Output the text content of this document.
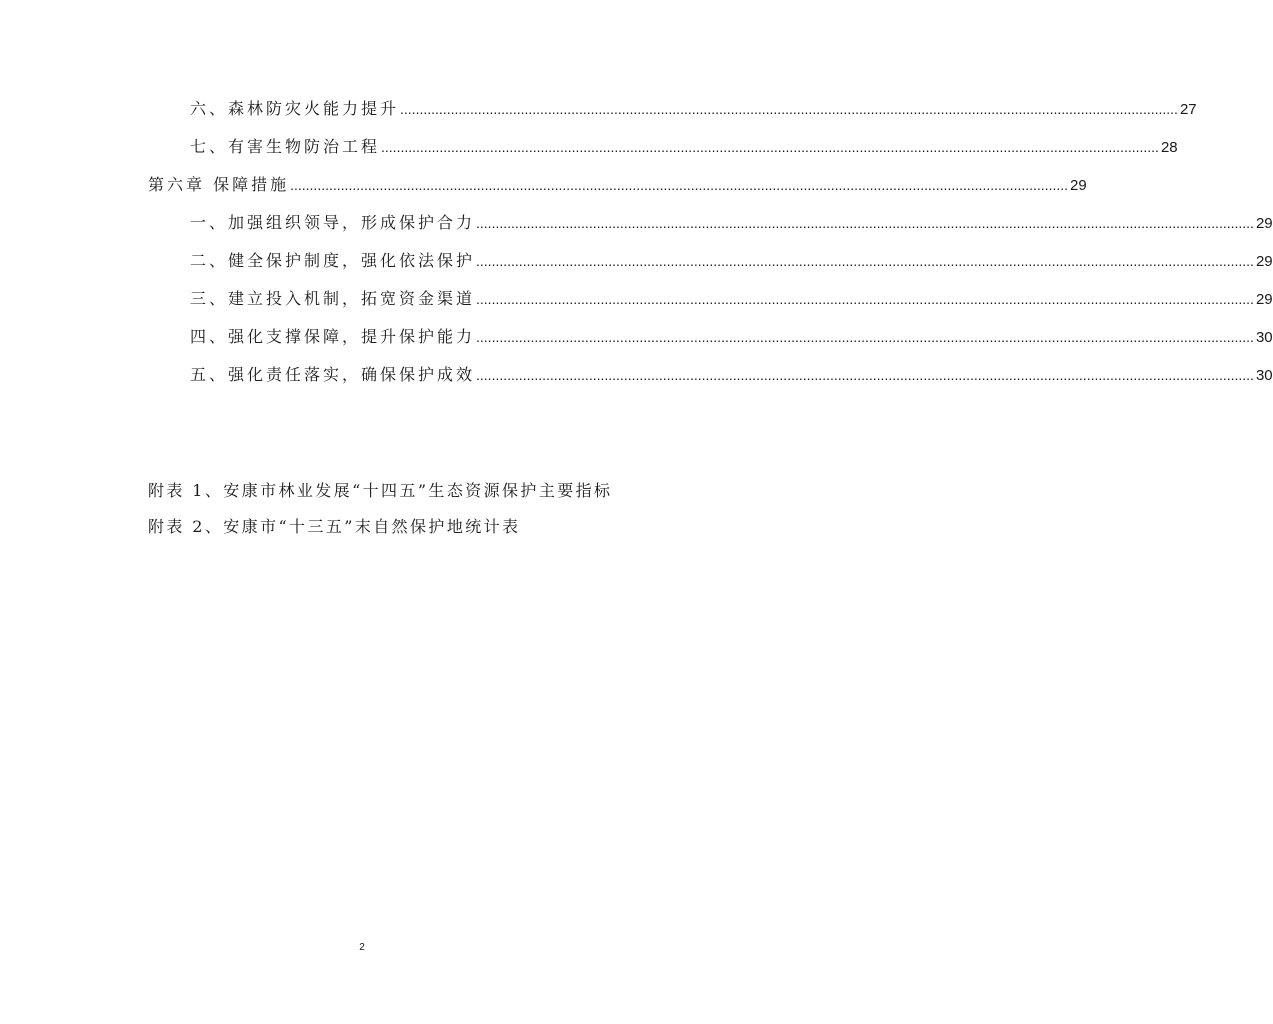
六、森林防灾火能力提升 ........................................................................................................................................................................................................ 27
七、有害生物防治工程 ........................................................................................................................................................................................................ 28
第六章 保障措施 ........................................................................................................................................................................................................ 29
一、加强组织领导，形成保护合力 ........................................................................................................................................................................................................ 29
二、健全保护制度，强化依法保护 ........................................................................................................................................................................................................ 29
三、建立投入机制，拓宽资金渠道 ........................................................................................................................................................................................................ 29
四、强化支撑保障，提升保护能力 ........................................................................................................................................................................................................ 30
五、强化责任落实，确保保护成效 ........................................................................................................................................................................................................ 30
附表 1、安康市林业发展“十四五”生态资源保护主要指标
附表 2、安康市“十三五”末自然保护地统计表
2
